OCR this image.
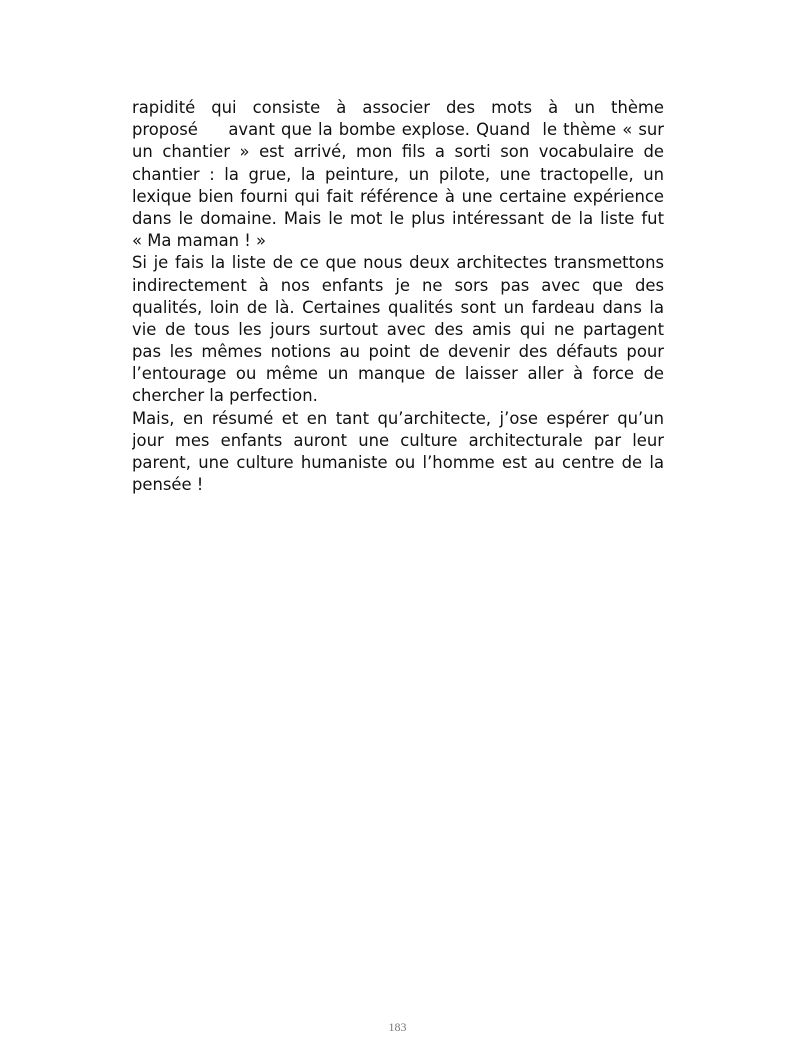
rapidité qui consiste à associer des mots à un thème
proposé     avant que la bombe explose. Quand  le thème « sur
un chantier » est arrivé, mon fils a sorti son vocabulaire de
chantier : la grue, la peinture, un pilote, une tractopelle, un
lexique bien fourni qui fait référence à une certaine expérience
dans le domaine. Mais le mot le plus intéressant de la liste fut
« Ma maman ! »
Si je fais la liste de ce que nous deux architectes transmettons
indirectement à nos enfants je ne sors pas avec que des
qualités, loin de là. Certaines qualités sont un fardeau dans la
vie de tous les jours surtout avec des amis qui ne partagent
pas les mêmes notions au point de devenir des défauts pour
l’entourage ou même un manque de laisser aller à force de
chercher la perfection.
Mais, en résumé et en tant qu’architecte, j’ose espérer qu’un
jour mes enfants auront une culture architecturale par leur
parent, une culture humaniste ou l’homme est au centre de la
pensée !
183
